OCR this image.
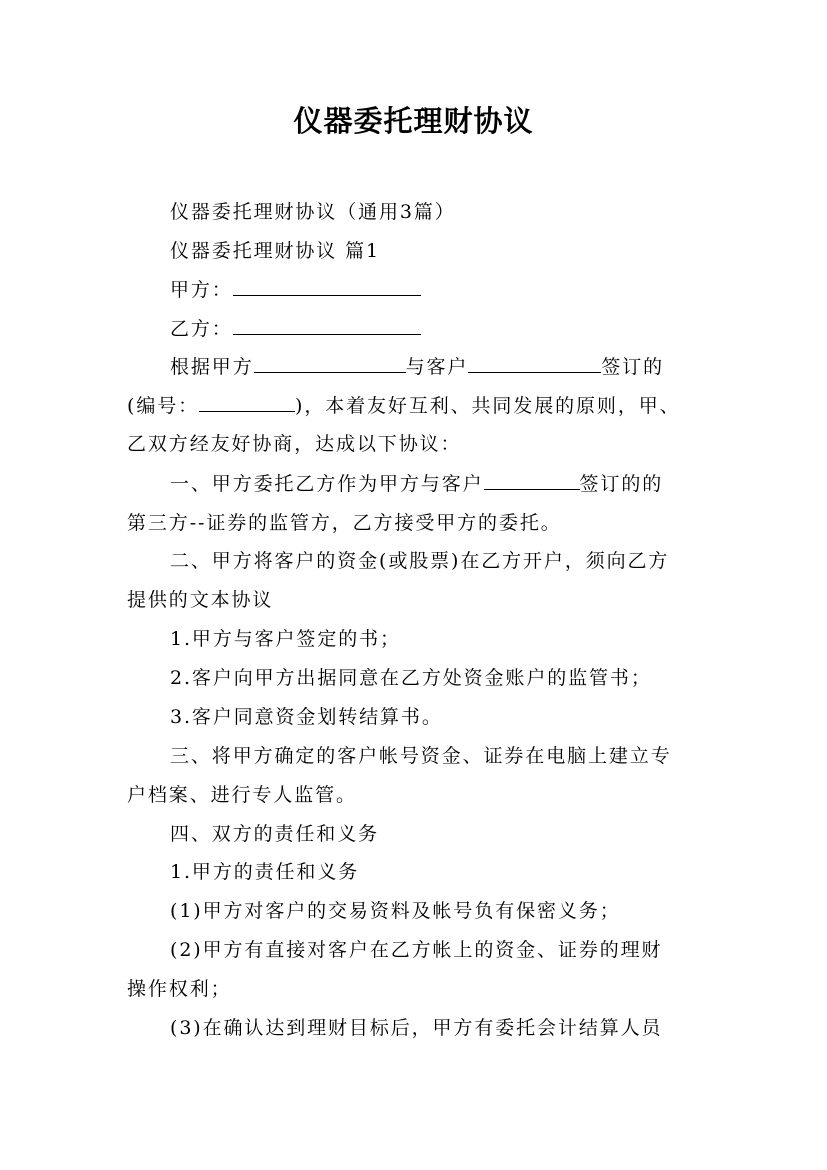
仪器委托理财协议
仪器委托理财协议（通用3篇）
仪器委托理财协议 篇1
甲方：
乙方：
根据甲方	与客户	签订的
(编号：	)，本着友好互利、共同发展的原则，甲、
乙双方经友好协商，达成以下协议：
一、甲方委托乙方作为甲方与客户	签订的的
第三方--证券的监管方，乙方接受甲方的委托。
二、甲方将客户的资金(或股票)在乙方开户，须向乙方
提供的文本协议
1.甲方与客户签定的书；
2.客户向甲方出据同意在乙方处资金账户的监管书；
3.客户同意资金划转结算书。
三、将甲方确定的客户帐号资金、证券在电脑上建立专
户档案、进行专人监管。
四、双方的责任和义务
1.甲方的责任和义务
(1)甲方对客户的交易资料及帐号负有保密义务；
(2)甲方有直接对客户在乙方帐上的资金、证券的理财
操作权利；
(3)在确认达到理财目标后，甲方有委托会计结算人员
